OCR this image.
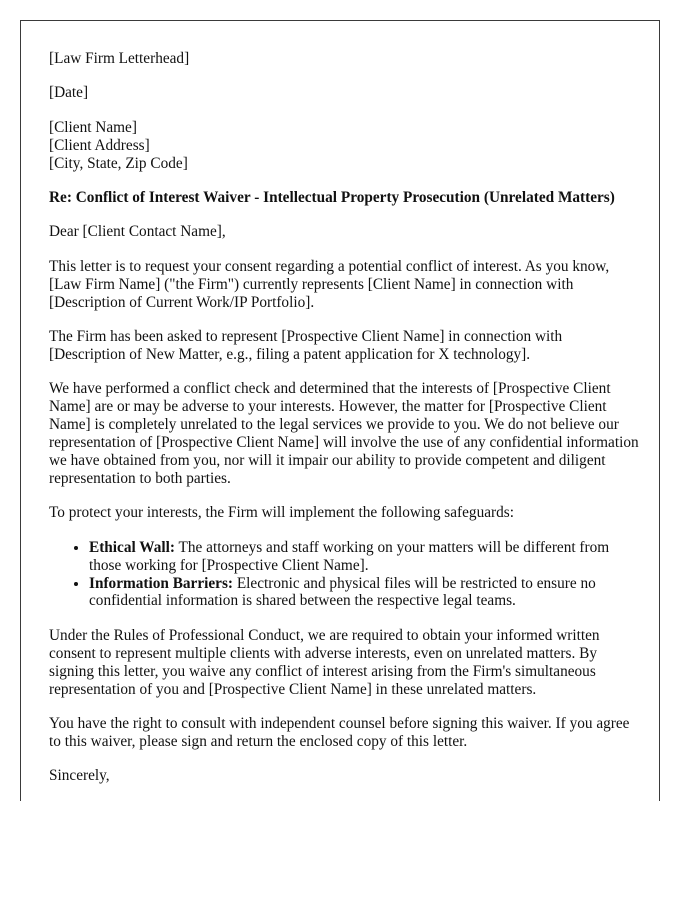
[Law Firm Letterhead]

[Date]

[Client Name]
[Client Address]
[City, State, Zip Code]

Re: Conflict of Interest Waiver - Intellectual Property Prosecution (Unrelated Matters)

Dear [Client Contact Name],

This letter is to request your consent regarding a potential conflict of interest. As you know, [Law Firm Name] ("the Firm") currently represents [Client Name] in connection with [Description of Current Work/IP Portfolio].

The Firm has been asked to represent [Prospective Client Name] in connection with [Description of New Matter, e.g., filing a patent application for X technology].

We have performed a conflict check and determined that the interests of [Prospective Client Name] are or may be adverse to your interests. However, the matter for [Prospective Client Name] is completely unrelated to the legal services we provide to you. We do not believe our representation of [Prospective Client Name] will involve the use of any confidential information we have obtained from you, nor will it impair our ability to provide competent and diligent representation to both parties.

To protect your interests, the Firm will implement the following safeguards:

• Ethical Wall: The attorneys and staff working on your matters will be different from those working for [Prospective Client Name].
• Information Barriers: Electronic and physical files will be restricted to ensure no confidential information is shared between the respective legal teams.

Under the Rules of Professional Conduct, we are required to obtain your informed written consent to represent multiple clients with adverse interests, even on unrelated matters. By signing this letter, you waive any conflict of interest arising from the Firm's simultaneous representation of you and [Prospective Client Name] in these unrelated matters.

You have the right to consult with independent counsel before signing this waiver. If you agree to this waiver, please sign and return the enclosed copy of this letter.

Sincerely,
